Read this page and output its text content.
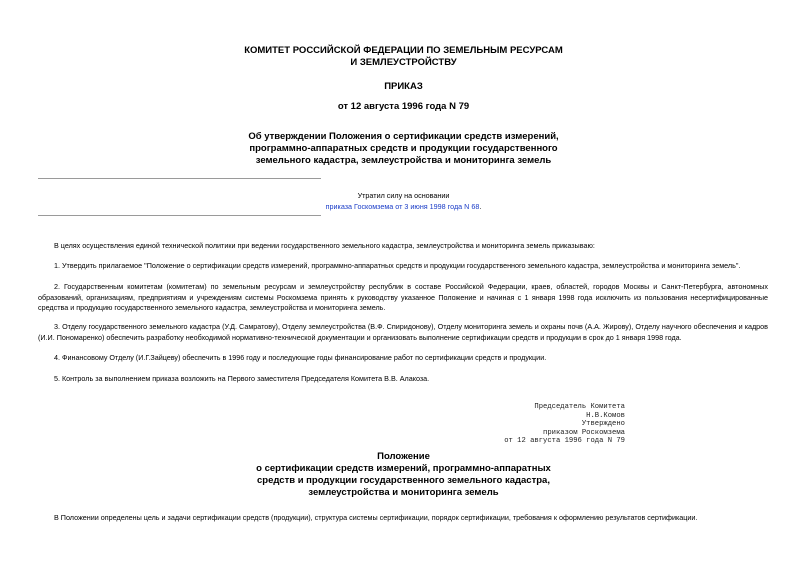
КОМИТЕТ РОССИЙСКОЙ ФЕДЕРАЦИИ ПО ЗЕМЕЛЬНЫМ РЕСУРСАМ
И ЗЕМЛЕУСТРОЙСТВУ
ПРИКАЗ
от 12 августа 1996 года N 79
Об утверждении Положения о сертификации средств измерений,
программно-аппаратных средств и продукции государственного
земельного кадастра, землеустройства и мониторинга земель
Утратил силу на основании
приказа Госкомзема от 3 июня 1998 года N 68.

В целях осуществления единой технической политики при ведении государственного земельного кадастра, землеустройства и мониторинга земель приказываю:

1. Утвердить прилагаемое "Положение о сертификации средств измерений, программно-аппаратных средств и продукции государственного земельного кадастра, землеустройства и мониторинга земель".

2. Государственным комитетам (комитетам) по земельным ресурсам и землеустройству республик в составе Российской Федерации, краев, областей, городов Москвы и Санкт-Петербурга, автономных образований, организациям, предприятиям и учреждениям системы Роскомзема принять к руководству указанное Положение и начиная с 1 января 1998 года исключить из пользования несертифицированные средства и продукцию государственного земельного кадастра, землеустройства и мониторинга земель.

3. Отделу государственного земельного кадастра (У.Д. Самратову), Отделу землеустройства (В.Ф. Спиридонову), Отделу мониторинга земель и охраны почв (А.А. Жирову), Отделу научного обеспечения и кадров (И.И. Пономаренко) обеспечить разработку необходимой нормативно-технической документации и организовать выполнение сертификации средств и продукции в срок до 1 января 1998 года.

4. Финансовому Отделу (И.Г.Зайцеву) обеспечить в 1996 году и последующие годы финансирование работ по сертификации средств и продукции.

5. Контроль за выполнением приказа возложить на Первого заместителя Председателя Комитета В.В. Алакоза.

Председатель Комитета
Н.В.Комов
Утверждено
приказом Роскомзема
от 12 августа 1996 года N 79
Положение
о сертификации средств измерений, программно-аппаратных
средств и продукции государственного земельного кадастра,
землеустройства и мониторинга земель

В Положении определены цель и задачи сертификации средств (продукции), структура системы сертификации, порядок сертификации, требования к оформлению результатов сертификации.
